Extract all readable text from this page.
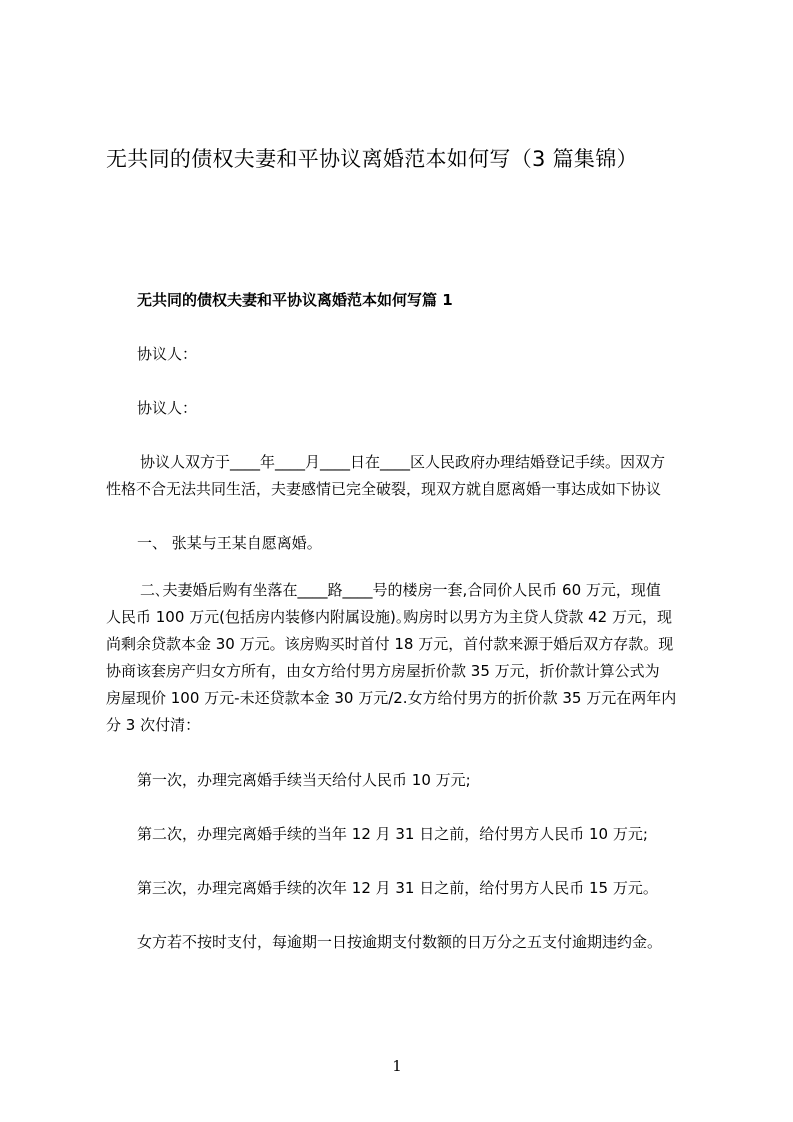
无共同的债权夫妻和平协议离婚范本如何写（3 篇集锦）
无共同的债权夫妻和平协议离婚范本如何写篇 1
协议人：
协议人：
协议人双方于____年____月____日在____区人民政府办理结婚登记手续。因双方
性格不合无法共同生活，夫妻感情已完全破裂，现双方就自愿离婚一事达成如下协议
一、 张某与王某自愿离婚。
二､夫妻婚后购有坐落在____路____号的楼房一套,合同价人民币 60 万元，现值
人民币 100 万元(包括房内装修内附属设施)｡购房时以男方为主贷人贷款 42 万元，现
尚剩余贷款本金 30 万元。该房购买时首付 18 万元，首付款来源于婚后双方存款。现
协商该套房产归女方所有，由女方给付男方房屋折价款 35 万元，折价款计算公式为
房屋现价 100 万元-未还贷款本金 30 万元/2.女方给付男方的折价款 35 万元在两年内
分 3 次付清：
第一次，办理完离婚手续当天给付人民币 10 万元;
第二次，办理完离婚手续的当年 12 月 31 日之前，给付男方人民币 10 万元;
第三次，办理完离婚手续的次年 12 月 31 日之前，给付男方人民币 15 万元。
女方若不按时支付，每逾期一日按逾期支付数额的日万分之五支付逾期违约金。
1
